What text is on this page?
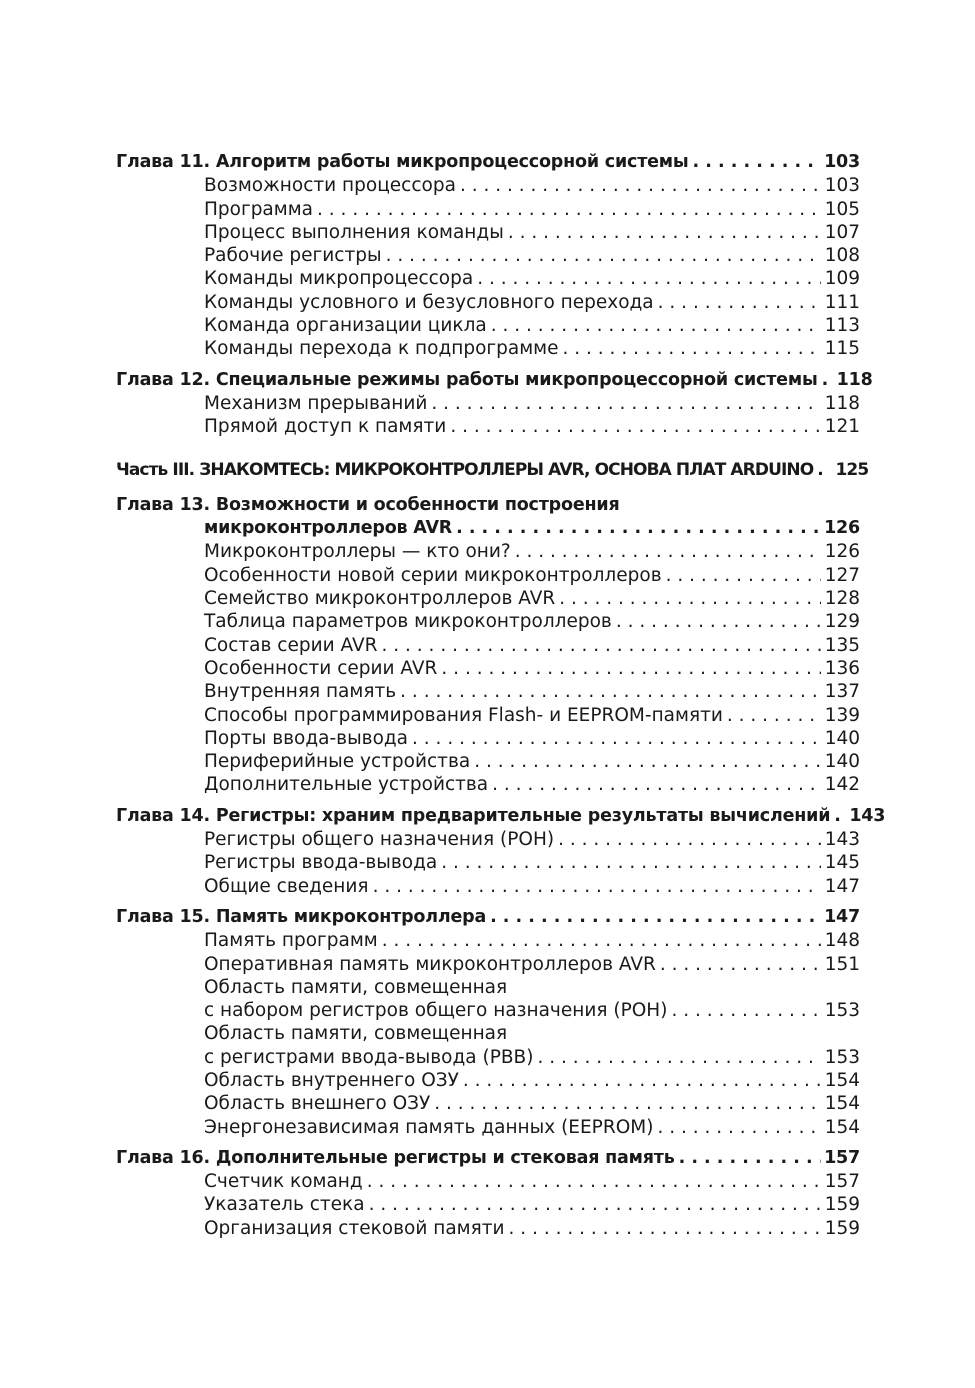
Глава 11. Алгоритм работы микропроцессорной системы . . .	103
Возможности процессора . . .	103
Программа . . .	105
Процесс выполнения команды . . .	107
Рабочие регистры . . .	108
Команды микропроцессора . . .	109
Команды условного и безусловного перехода . . .	111
Команда организации цикла . . .	113
Команды перехода к подпрограмме . . .	115
Глава 12. Специальные режимы работы микропроцессорной системы . . . 118
Механизм прерываний . . .	118
Прямой доступ к памяти . . .	121
Часть III. ЗНАКОМТЕСЬ: МИКРОКОНТРОЛЛЕРЫ AVR, ОСНОВА ПЛАТ ARDUINO . . . 125
Глава 13. Возможности и особенности построения
микроконтроллеров AVR . . .	126
Микроконтроллеры — кто они? . . .	126
Особенности новой серии микроконтроллеров . . .	127
Семейство микроконтроллеров AVR . . .	128
Таблица параметров микроконтроллеров . . .	129
Состав серии AVR . . .	135
Особенности серии AVR . . .	136
Внутренняя память . . .	137
Способы программирования Flash- и EEPROM-памяти . . .	139
Порты ввода-вывода . . .	140
Периферийные устройства . . .	140
Дополнительные устройства . . .	142
Глава 14. Регистры: храним предварительные результаты вычислений . . . 143
Регистры общего назначения (РОН) . . .	143
Регистры ввода-вывода . . .	145
Общие сведения . . .	147
Глава 15. Память микроконтроллера . . .	147
Память программ . . .	148
Оперативная память микроконтроллеров AVR . . .	151
Область памяти, совмещенная
с набором регистров общего назначения (РОН) . . .	153
Область памяти, совмещенная
с регистрами ввода-вывода (РВВ) . . .	153
Область внутреннего ОЗУ . . .	154
Область внешнего ОЗУ . . .	154
Энергонезависимая память данных (EEPROM) . . .	154
Глава 16. Дополнительные регистры и стековая память . . .	157
Счетчик команд . . .	157
Указатель стека . . .	159
Организация стековой памяти . . .	159
